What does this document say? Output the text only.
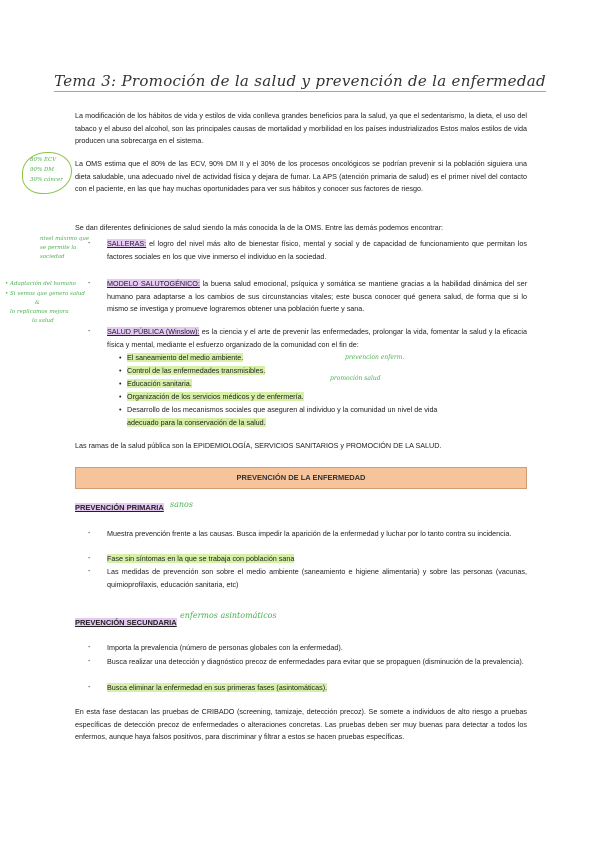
Tema 3: Promoción de la salud y prevención de la enfermedad
La modificación de los hábitos de vida y estilos de vida conlleva grandes beneficios para la salud, ya que el sedentarismo, la dieta, el uso del tabaco y el abuso del alcohol, son las principales causas de mortalidad y morbilidad en los países industrializados Estos malos estilos de vida producen una sobrecarga en el sistema.
80% ECV
90% DM
30% cáncer
La OMS estima que el 80% de las ECV, 90% DM II y el 30% de los procesos oncológicos se podrían prevenir si la población siguiera una dieta saludable, una adecuado nivel de actividad física y dejara de fumar. La APS (atención primaria de salud) es el primer nivel del contacto con el paciente, en las que hay muchas oportunidades para ver sus hábitos y conocer sus factores de riesgo.
Se dan diferentes definiciones de salud siendo la más conocida la de la OMS. Entre las demás podemos encontrar:
nivel máximo que
se permite la
sociedad
- SALLERAS: el logro del nivel más alto de bienestar físico, mental y social y de capacidad de funcionamiento que permitan los factores sociales en los que vive inmerso el individuo en la sociedad.
• Adaptación del humano
• Si vemos que genera salud
&
lo replicamos mejora
la salud
- MODELO SALUTOGÉNICO: la buena salud emocional, psíquica y somática se mantiene gracias a la habilidad dinámica del ser humano para adaptarse a los cambios de sus circunstancias vitales; este busca conocer qué genera salud, de forma que si lo mismo se investiga y promueve lograremos obtener una población fuerte y sana.
- SALUD PÚBLICA (Winslow): es la ciencia y el arte de prevenir las enfermedades, prolongar la vida, fomentar la salud y la eficacia física y mental, mediante el esfuerzo organizado de la comunidad con el fin de:
• El saneamiento del medio ambiente.
• Control de las enfermedades transmisibles.
• Educación sanitaria.
• Organización de los servicios médicos y de enfermería.
• Desarrollo de los mecanismos sociales que aseguren al individuo y la comunidad un nivel de vida
adecuado para la conservación de la salud.
prevención enferm.
promoción salud
Las ramas de la salud pública son la EPIDEMIOLOGÍA, SERVICIOS SANITARIOS y PROMOCIÓN DE LA SALUD.
PREVENCIÓN DE LA ENFERMEDAD
PREVENCIÓN PRIMARIA sanos
- Muestra prevención frente a las causas. Busca impedir la aparición de la enfermedad y luchar por lo tanto contra su incidencia.
- Fase sin síntomas en la que se trabaja con población sana
- Las medidas de prevención son sobre el medio ambiente (saneamiento e higiene alimentaria) y sobre las personas (vacunas, quimioprofilaxis, educación sanitaria, etc)
PREVENCIÓN SECUNDARIA
enfermos asintomáticos
- Importa la prevalencia (número de personas globales con la enfermedad).
- Busca realizar una detección y diagnóstico precoz de enfermedades para evitar que se propaguen (disminución de la prevalencia).
- Busca eliminar la enfermedad en sus primeras fases (asintomáticas).
En esta fase destacan las pruebas de CRIBADO (screening, tamizaje, detección precoz). Se somete a individuos de alto riesgo a pruebas específicas de detección precoz de enfermedades o alteraciones concretas. Las pruebas deben ser muy buenas para detectar a todos los enfermos, aunque haya falsos positivos, para discriminar y filtrar a estos se hacen pruebas específicas.
